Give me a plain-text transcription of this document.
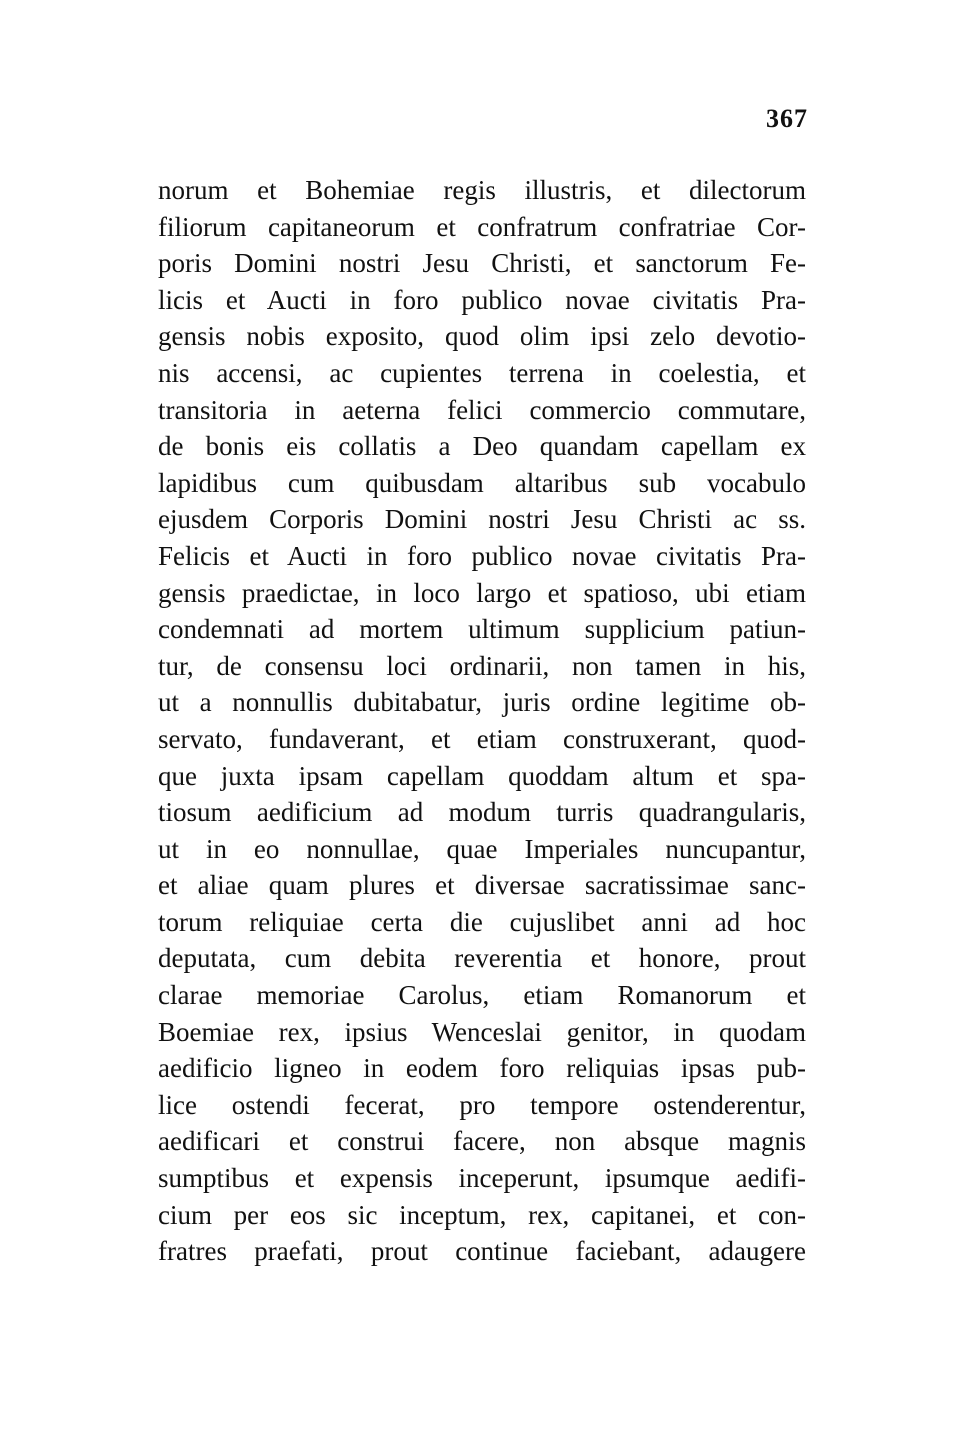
367
norum et Bohemiae regis illustris, et dilectorum
filiorum capitaneorum et confratrum confratriae Cor-
poris Domini nostri Jesu Christi, et sanctorum Fe-
licis et Aucti in foro publico novae civitatis Pra-
gensis nobis exposito, quod olim ipsi zelo devotio-
nis accensi, ac cupientes terrena in coelestia, et
transitoria in aeterna felici commercio commutare,
de bonis eis collatis a Deo quandam capellam ex
lapidibus cum quibusdam altaribus sub vocabulo
ejusdem Corporis Domini nostri Jesu Christi ac ss.
Felicis et Aucti in foro publico novae civitatis Pra-
gensis praedictae, in loco largo et spatioso, ubi etiam
condemnati ad mortem ultimum supplicium patiun-
tur, de consensu loci ordinarii, non tamen in his,
ut a nonnullis dubitabatur, juris ordine legitime ob-
servato, fundaverant, et etiam construxerant, quod-
que juxta ipsam capellam quoddam altum et spa-
tiosum aedificium ad modum turris quadrangularis,
ut in eo nonnullae, quae Imperiales nuncupantur,
et aliae quam plures et diversae sacratissimae sanc-
torum reliquiae certa die cujuslibet anni ad hoc
deputata, cum debita reverentia et honore, prout
clarae memoriae Carolus, etiam Romanorum et
Boemiae rex, ipsius Wenceslai genitor, in quodam
aedificio ligneo in eodem foro reliquias ipsas pub-
lice ostendi fecerat, pro tempore ostenderentur,
aedificari et construi facere, non absque magnis
sumptibus et expensis inceperunt, ipsumque aedifi-
cium per eos sic inceptum, rex, capitanei, et con-
fratres praefati, prout continue faciebant, adaugere
